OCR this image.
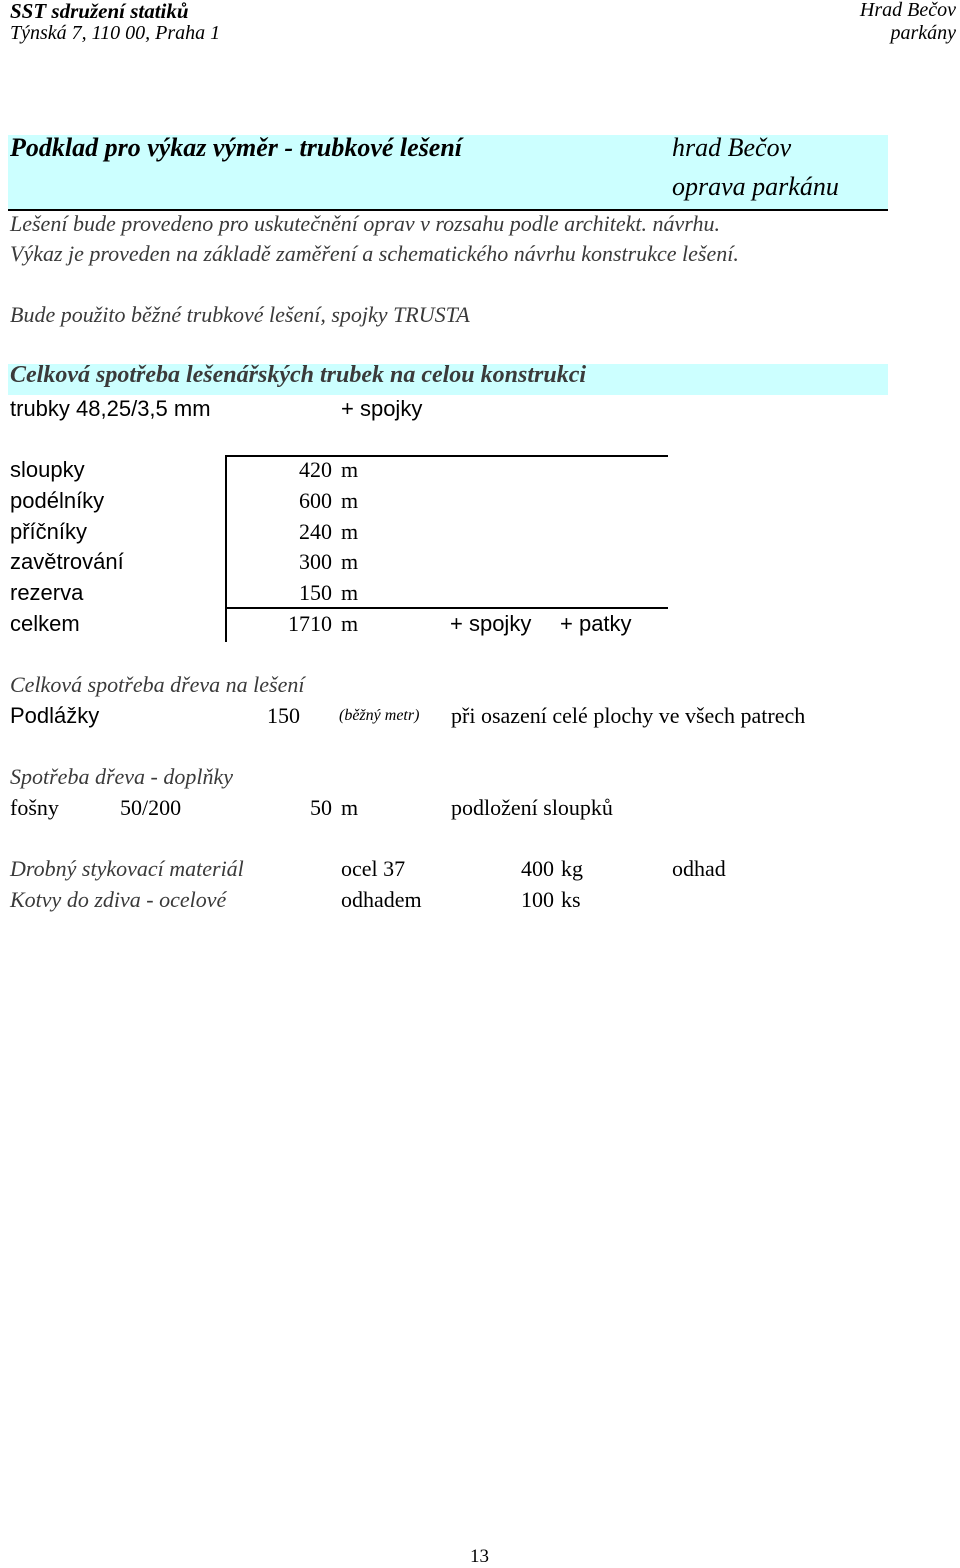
SST sdružení statiků
Týnská 7, 110 00, Praha 1
Hrad Bečov
parkány
Podklad pro výkaz výměr - trubkové lešení	hrad Bečov
oprava parkánu
Lešení bude provedeno pro uskutečnění oprav v rozsahu podle architekt. návrhu.
Výkaz je proveden na základě zaměření a schematického návrhu konstrukce lešení.
Bude použito běžné trubkové lešení, spojky TRUSTA
Celková spotřeba lešenářských trubek na celou konstrukci
trubky 48,25/3,5 mm	+ spojky
sloupky	420 m
podélníky	600 m
příčníky	240 m
zavětrování	300 m
rezerva	150 m
celkem	1710 m	+ spojky + patky
Celková spotřeba dřeva na lešení
Podlážky	150 (běžný metr) při osazení celé plochy ve všech patrech
Spotřeba dřeva - doplňky
fošny	50/200	50 m	podložení sloupků
Drobný stykovací materiál	ocel 37	400 kg	odhad
Kotvy do zdiva - ocelové	odhadem	100 ks
13
